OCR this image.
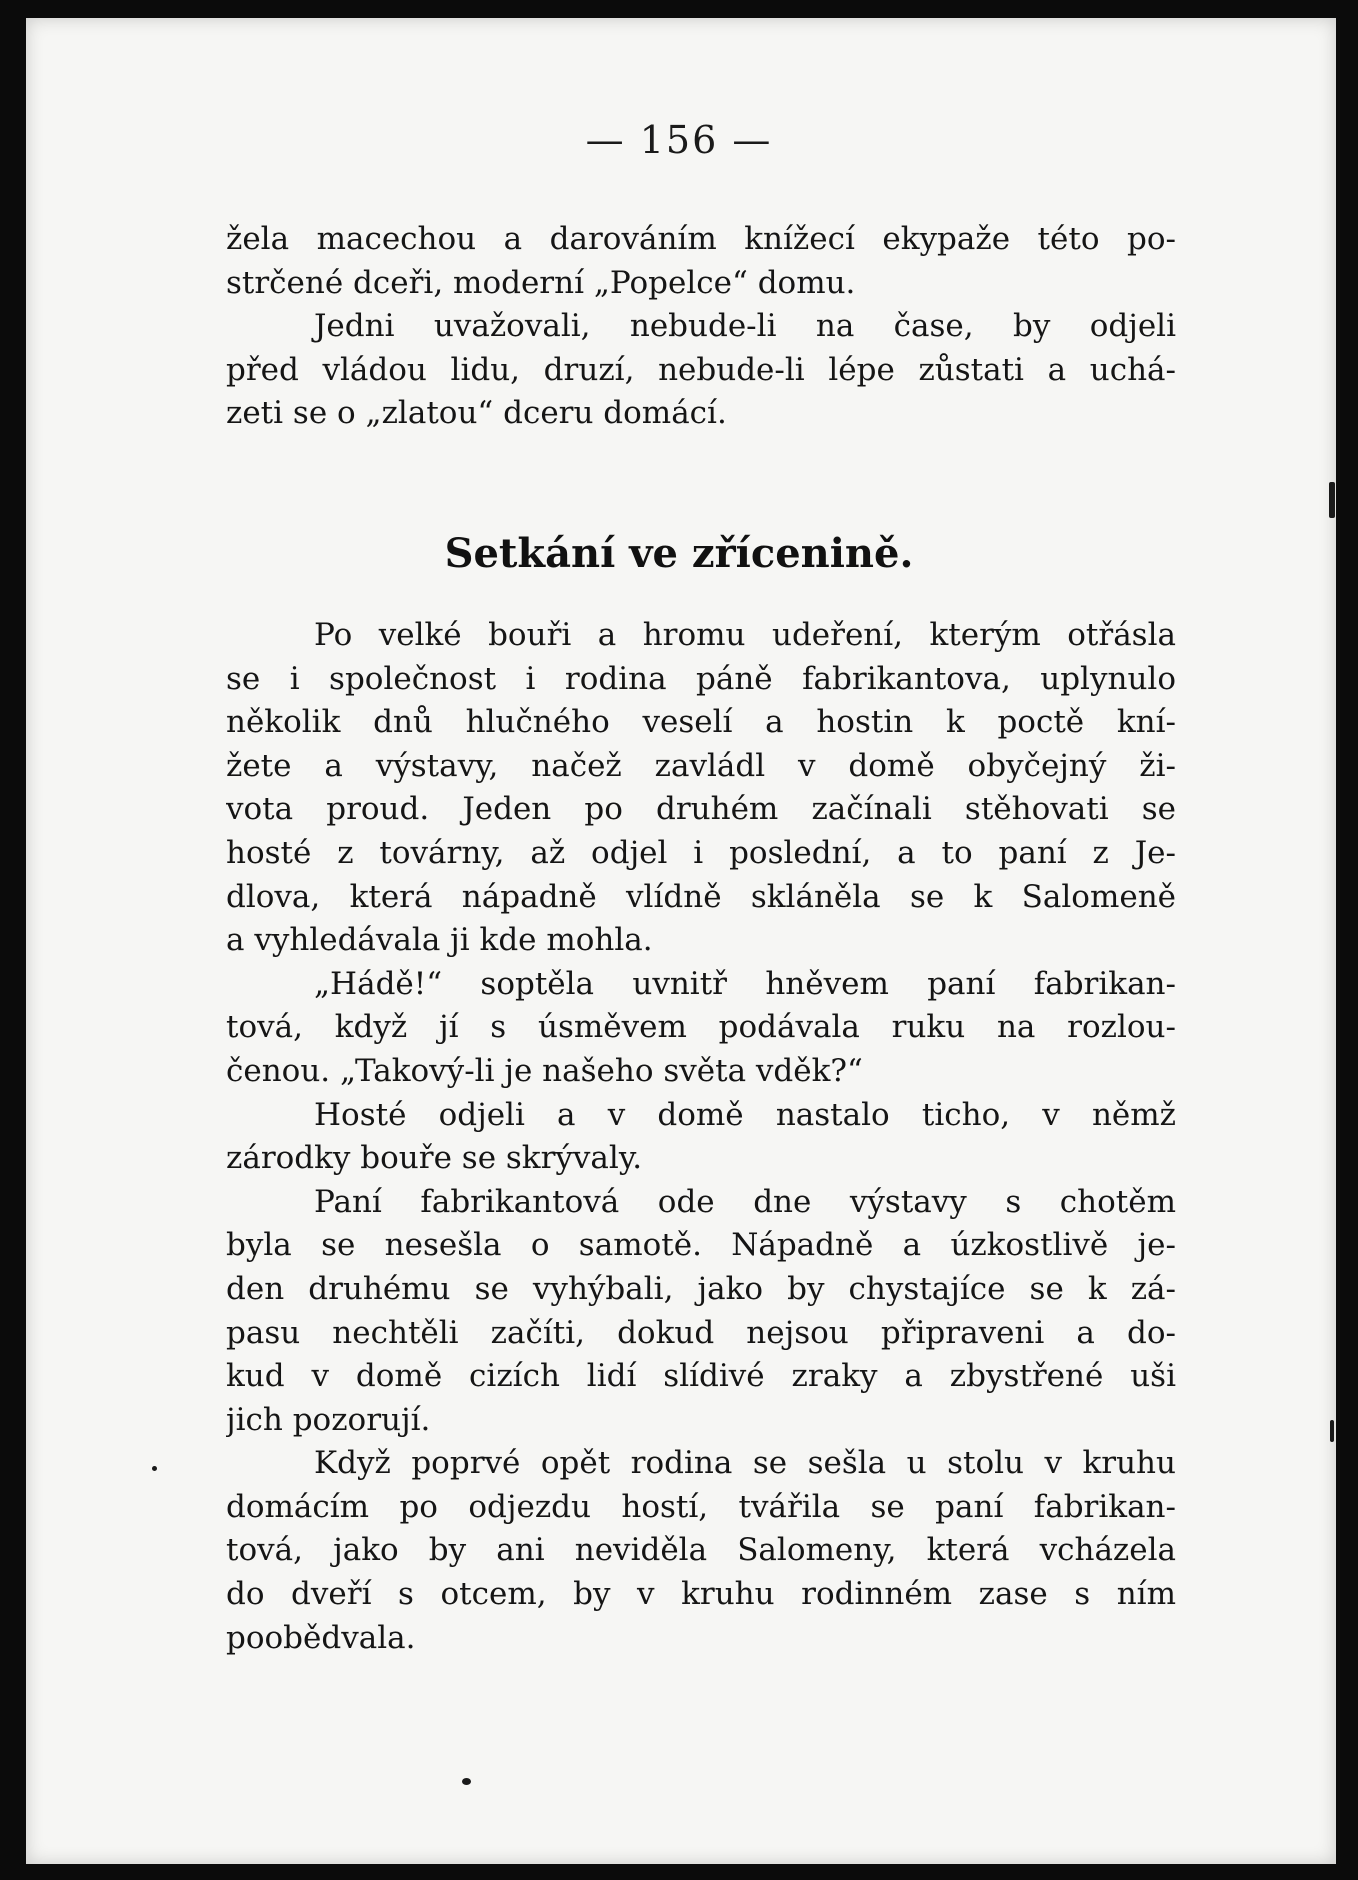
— 156 —
žela macechou a darováním knížecí ekypaže této po-
strčené dceři, moderní „Popelce“ domu.
Jedni uvažovali, nebude-li na čase, by odjeli
před vládou lidu, druzí, nebude-li lépe zůstati a uchá-
zeti se o „zlatou“ dceru domácí.
Setkání ve zřícenině.
Po velké bouři a hromu udeření, kterým otřásla
se i společnost i rodina páně fabrikantova, uplynulo
několik dnů hlučného veselí a hostin k poctě kní-
žete a výstavy, načež zavládl v domě obyčejný ži-
vota proud. Jeden po druhém začínali stěhovati se
hosté z továrny, až odjel i poslední, a to paní z Je-
dlova, která nápadně vlídně skláněla se k Salomeně
a vyhledávala ji kde mohla.
„Hádě!“ soptěla uvnitř hněvem paní fabrikan-
tová, když jí s úsměvem podávala ruku na rozlou-
čenou. „Takový-li je našeho světa vděk?“
Hosté odjeli a v domě nastalo ticho, v němž
zárodky bouře se skrývaly.
Paní fabrikantová ode dne výstavy s chotěm
byla se nesešla o samotě. Nápadně a úzkostlivě je-
den druhému se vyhýbali, jako by chystajíce se k zá-
pasu nechtěli začíti, dokud nejsou připraveni a do-
kud v domě cizích lidí slídivé zraky a zbystřené uši
jich pozorují.
Když poprvé opět rodina se sešla u stolu v kruhu
domácím po odjezdu hostí, tvářila se paní fabrikan-
tová, jako by ani neviděla Salomeny, která vcházela
do dveří s otcem, by v kruhu rodinném zase s ním
poobědvala.
